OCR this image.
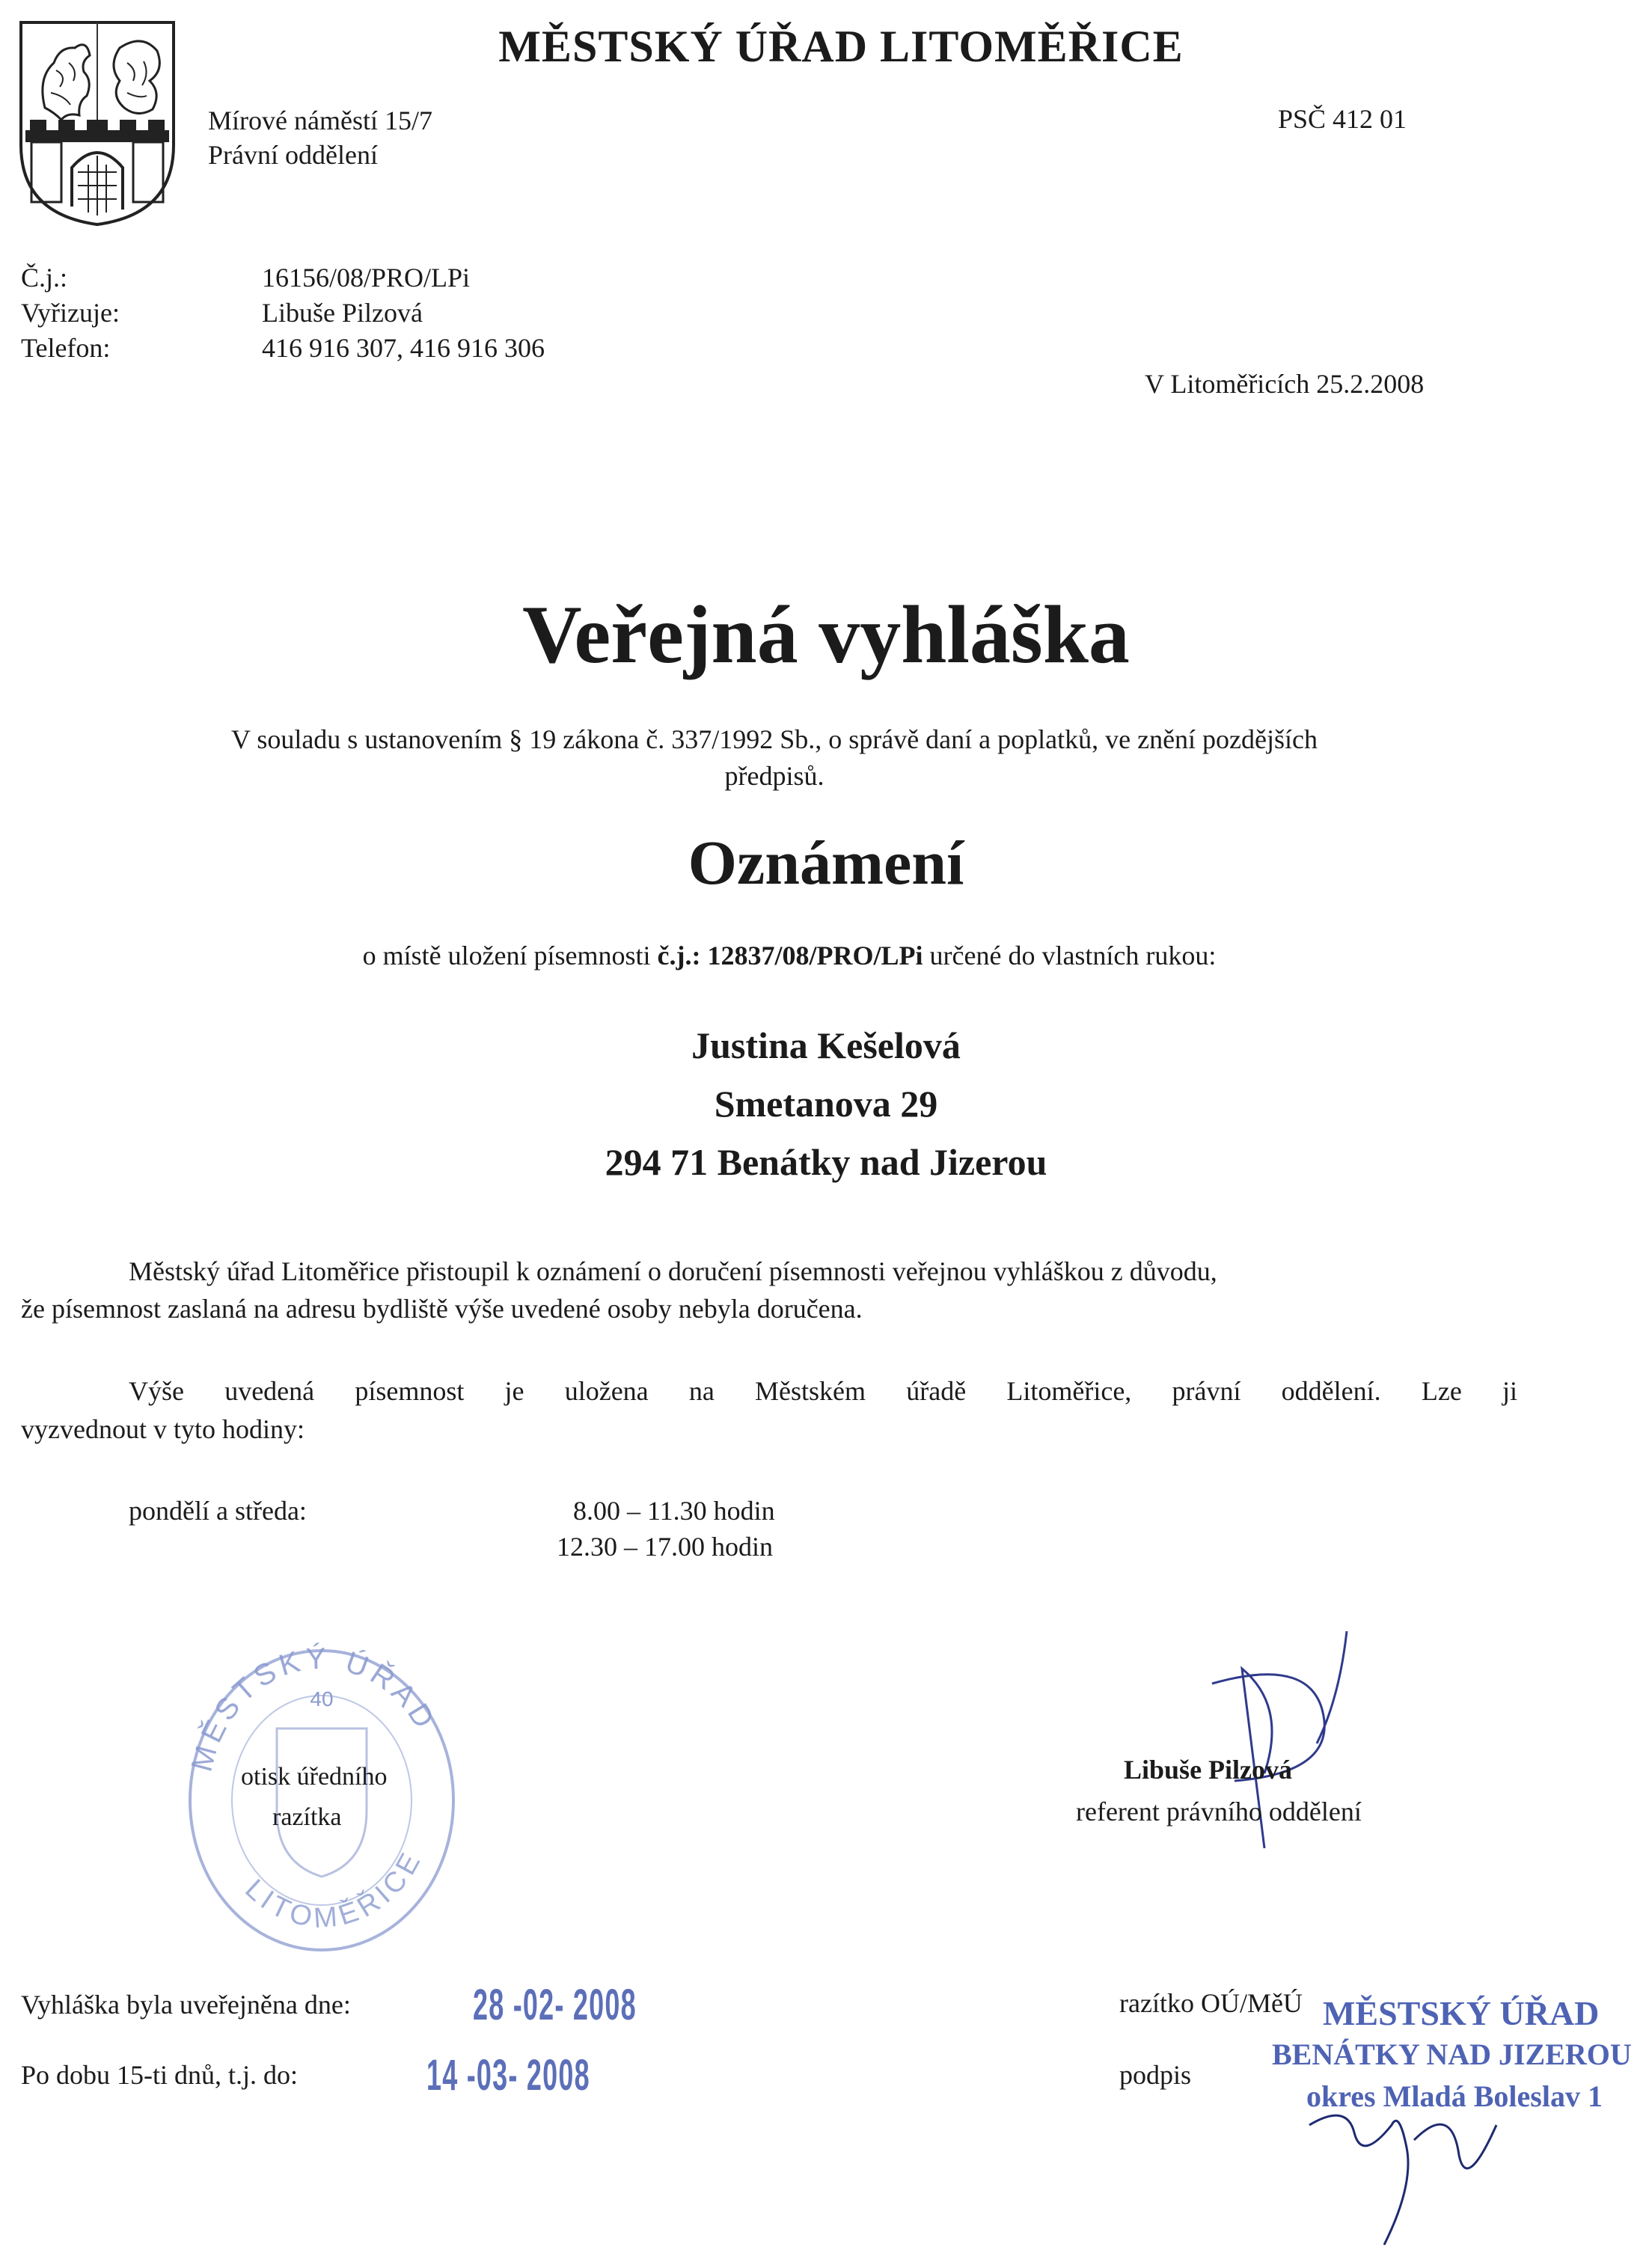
MĚSTSKÝ ÚŘAD LITOMĚŘICE
Mírové náměstí 15/7
Právní oddělení
PSČ 412 01
Č.j.:	16156/08/PRO/LPi
Vyřizuje:	Libuše Pilzová
Telefon:	416 916 307, 416 916 306
V Litoměřicích 25.2.2008
Veřejná vyhláška
V souladu s ustanovením § 19 zákona č. 337/1992 Sb., o správě daní a poplatků, ve znění pozdějších
předpisů.
Oznámení
o místě uložení písemnosti č.j.: 12837/08/PRO/LPi určené do vlastních rukou:
Justina Kešelová
Smetanova 29
294 71 Benátky nad Jizerou
Městský úřad Litoměřice přistoupil k oznámení o doručení písemnosti veřejnou vyhláškou z důvodu,
že písemnost zaslaná na adresu bydliště výše uvedené osoby nebyla doručena.
Výše uvedená písemnost je uložena na Městském úřadě Litoměřice, právní oddělení. Lze ji
vyzvednout v tyto hodiny:
pondělí a středa:	8.00 – 11.30 hodin
12.30 – 17.00 hodin
MĚSTSKÝ ÚŘAD
LITOMĚŘICE
40
otisk úředního
razítka
Libuše Pilzová
referent právního oddělení
Vyhláška byla uveřejněna dne:	28 -02- 2008
Po dobu 15-ti dnů, t.j. do:	14 -03- 2008
razítko OÚ/MěÚ
podpis
MĚSTSKÝ ÚŘAD
BENÁTKY NAD JIZEROU
okres Mladá Boleslav 1
